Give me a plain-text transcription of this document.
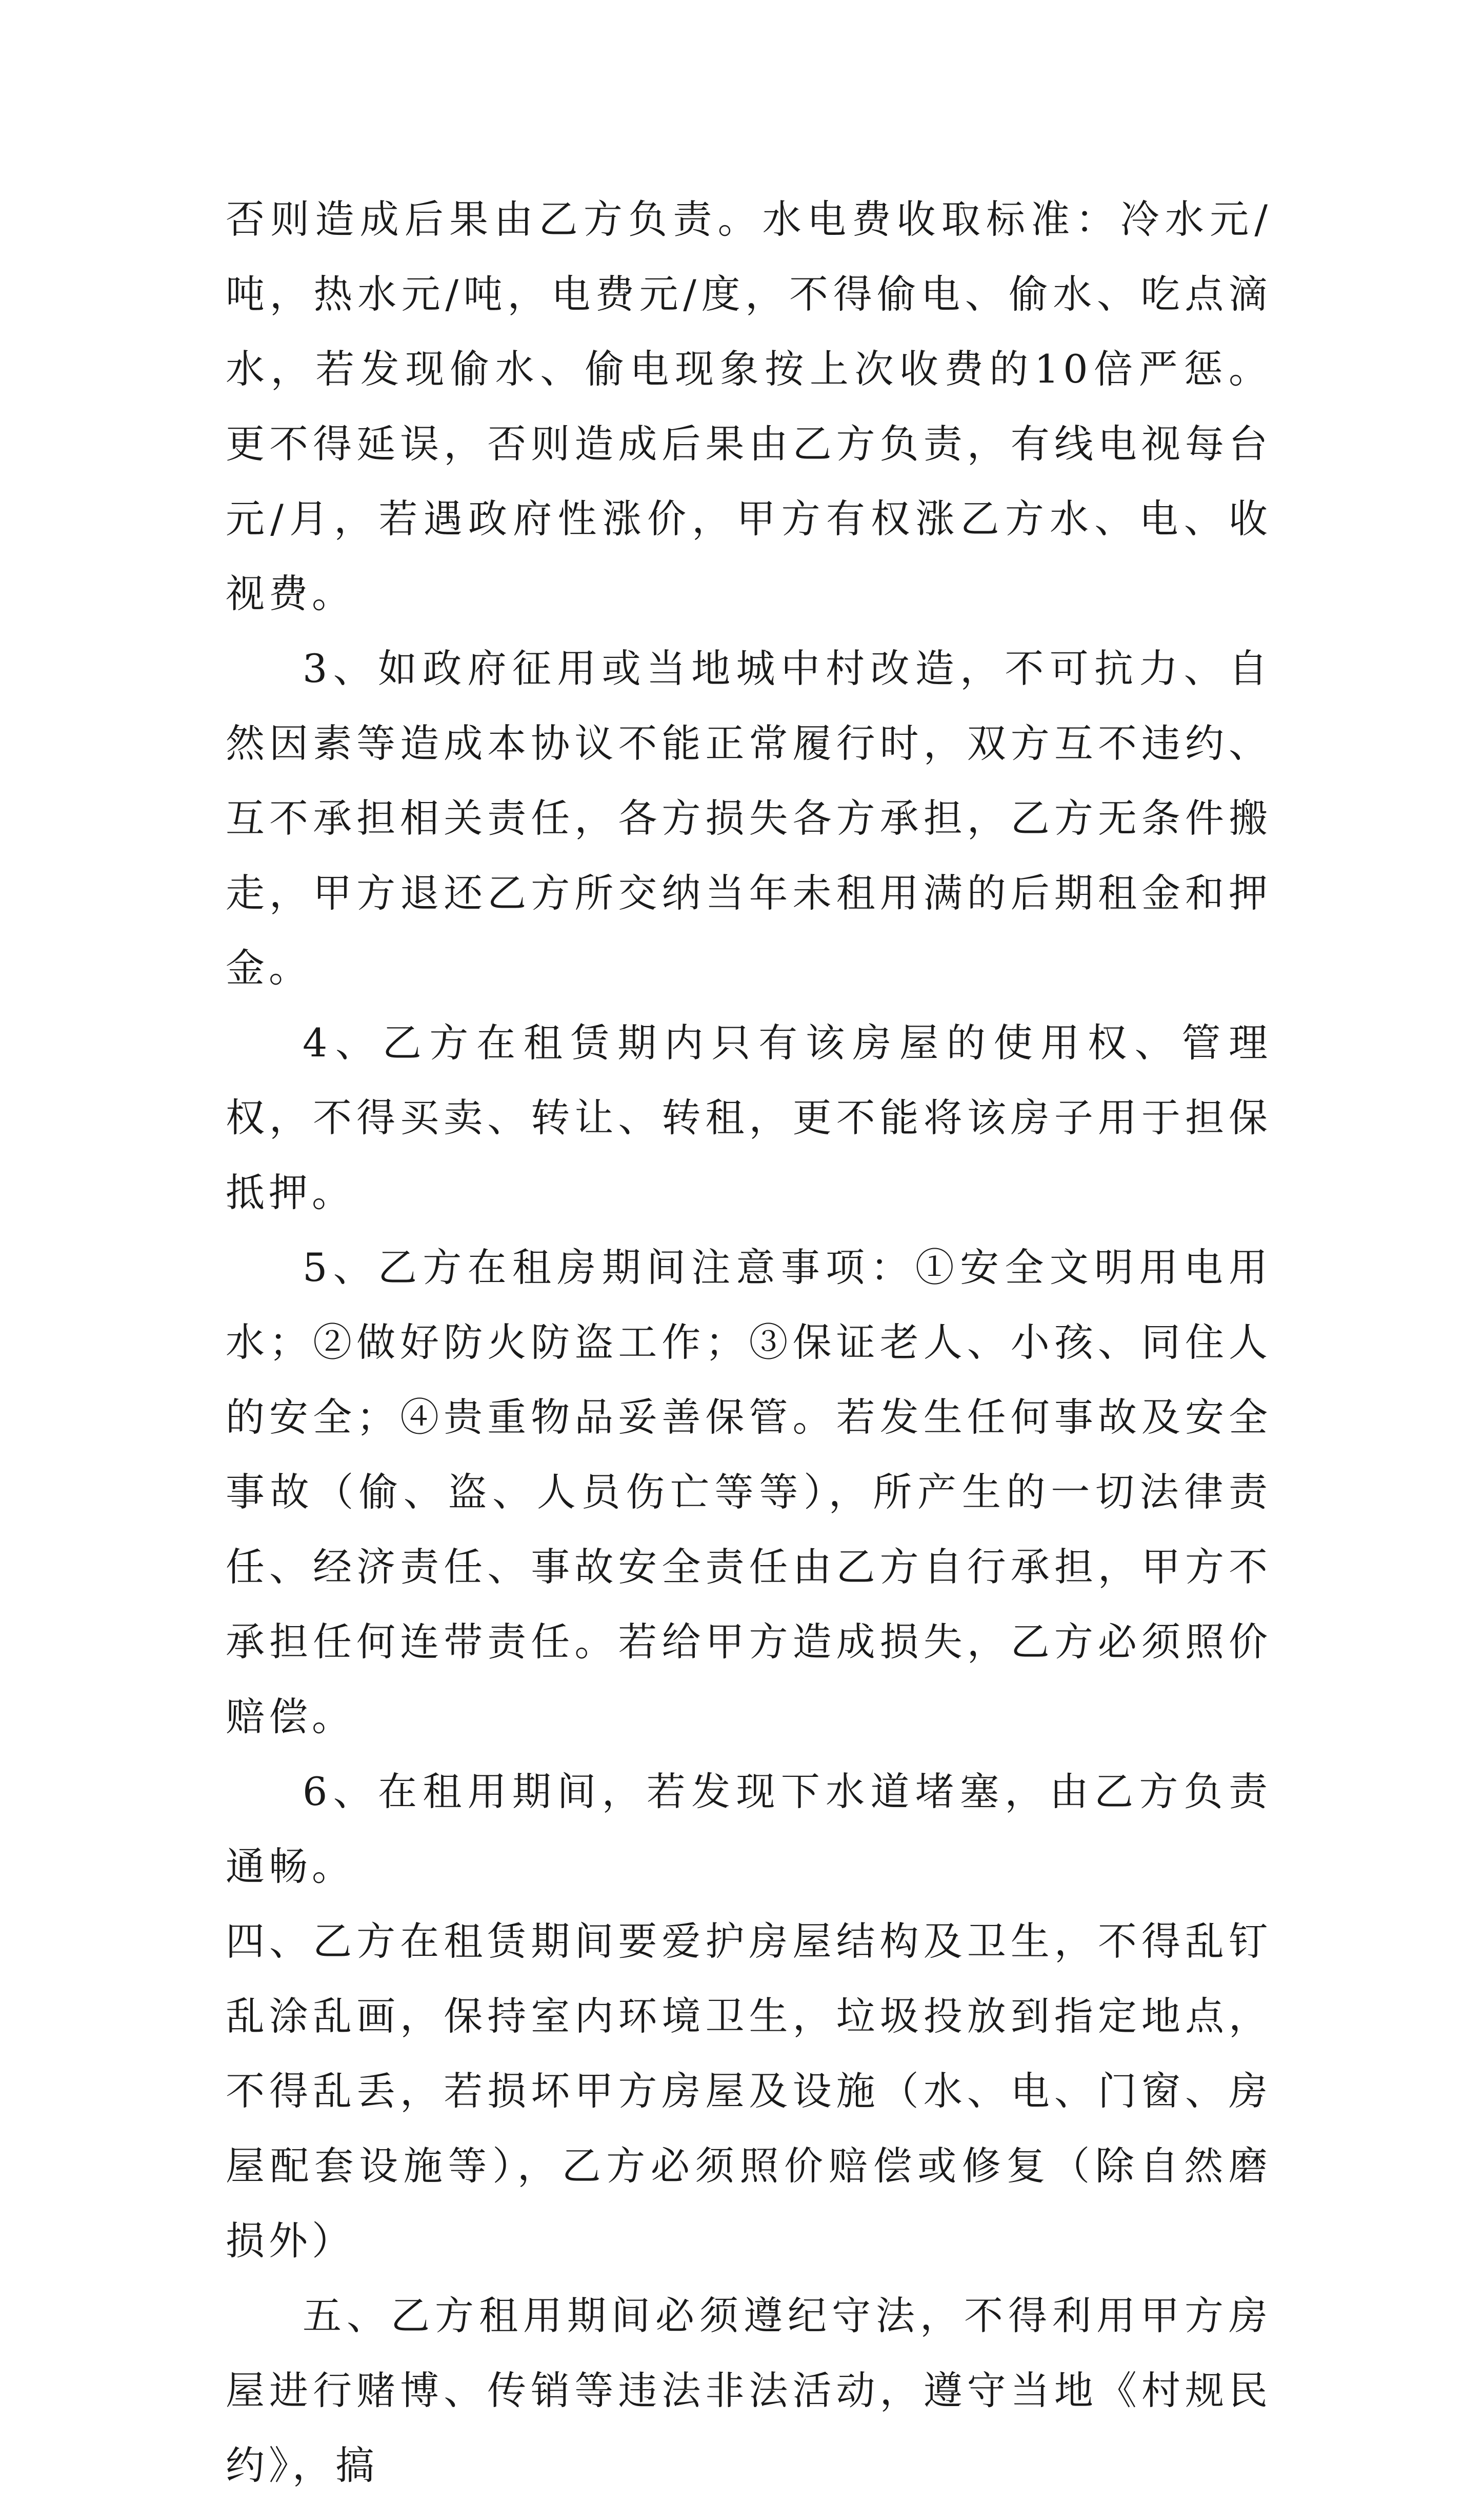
否则造成后果由乙方负责。水电费收取标准：冷水元/吨，热水元/吨，电费元/度，不得偷电、偷水、吃点滴水，若发现偷水、偷电现象按上次收费的10倍严惩。更不得延误，否则造成后果由乙方负责，有线电视每台元/月，若遇政府性涨价，甲方有权涨乙方水、电、收视费。

3、如政府征用或当地城中村改造，不可抗力、自然因素等造成本协议不能正常履行时，双方互不违约、互不承担相关责任，各方损失各方承担，乙方无条件搬走，甲方退还乙方所交纳当年未租用满的后期租金和押金。

4、乙方在租赁期内只有该房屋的使用权、管理权，不得买卖、转让、转租，更不能将该房子用于担保抵押。

5、乙方在租房期间注意事项：①安全文明用电用水；②做好防火防盗工作；③保证老人、小孩、同住人的安全；④贵重物品妥善保管。若发生任何事故及安全事故（偷、盗、人员伤亡等等），所产生的一切法律责任、经济责任、事故安全责任由乙方自行承担，甲方不承担任何连带责任。若给甲方造成损失，乙方必须照价赔偿。

6、在租用期间，若发现下水道堵塞，由乙方负责通畅。

四、乙方在租赁期间要爱护房屋结构及卫生，不得乱钉乱涂乱画，保持室内环境卫生，垃圾投放到指定地点，不得乱丢，若损坏甲方房屋及设施（水、电、门窗、房屋配套设施等），乙方必须照价赔偿或修复（除自然磨损外）

五、乙方租用期间必须遵纪守法，不得利用甲方房屋进行赌博、传销等违法非法活动，遵守当地《村规民约》，搞
